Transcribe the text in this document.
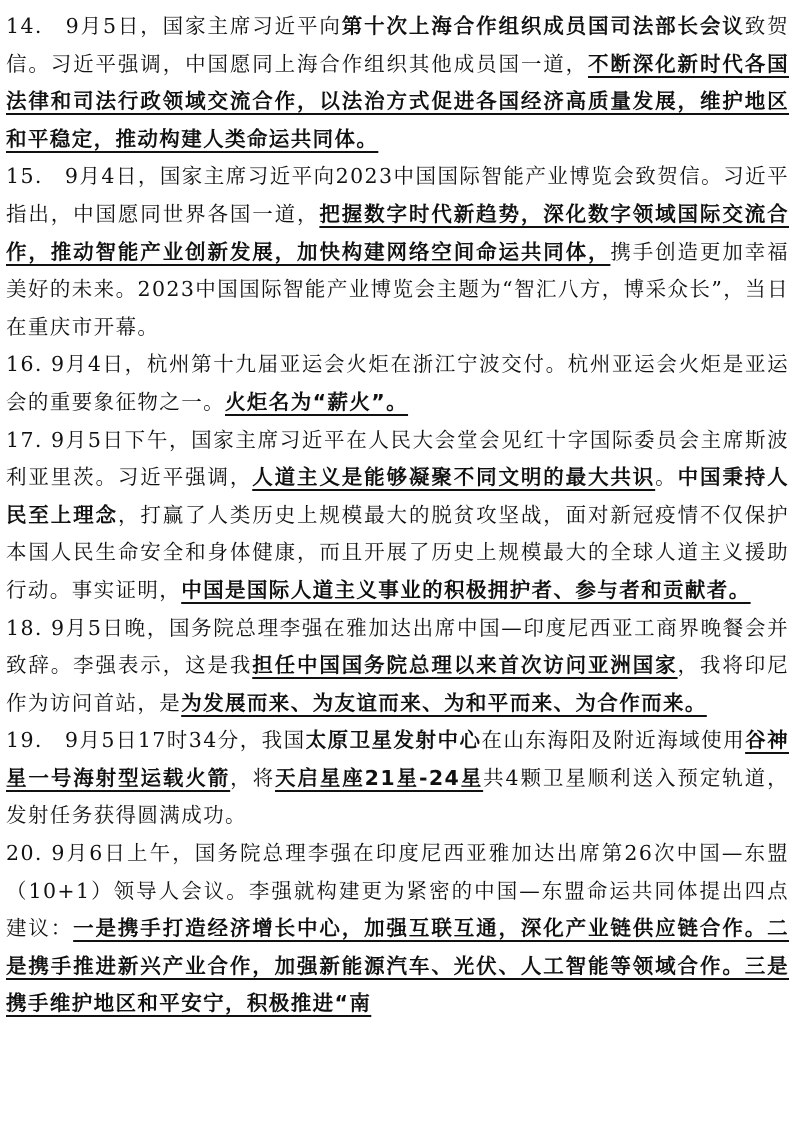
14.　9月5日，国家主席习近平向第十次上海合作组织成员国司法部长会议致贺信。习近平强调，中国愿同上海合作组织其他成员国一道，不断深化新时代各国法律和司法行政领域交流合作，以法治方式促进各国经济高质量发展，维护地区和平稳定，推动构建人类命运共同体。

15.　9月4日，国家主席习近平向2023中国国际智能产业博览会致贺信。习近平指出，中国愿同世界各国一道，把握数字时代新趋势，深化数字领域国际交流合作，推动智能产业创新发展，加快构建网络空间命运共同体，携手创造更加幸福美好的未来。2023中国国际智能产业博览会主题为“智汇八方，博采众长”，当日在重庆市开幕。

16. 9月4日，杭州第十九届亚运会火炬在浙江宁波交付。杭州亚运会火炬是亚运会的重要象征物之一。火炬名为“薪火”。

17. 9月5日下午，国家主席习近平在人民大会堂会见红十字国际委员会主席斯波利亚里茨。习近平强调，人道主义是能够凝聚不同文明的最大共识。中国秉持人民至上理念，打赢了人类历史上规模最大的脱贫攻坚战，面对新冠疫情不仅保护本国人民生命安全和身体健康，而且开展了历史上规模最大的全球人道主义援助行动。事实证明，中国是国际人道主义事业的积极拥护者、参与者和贡献者。

18. 9月5日晚，国务院总理李强在雅加达出席中国—印度尼西亚工商界晚餐会并致辞。李强表示，这是我担任中国国务院总理以来首次访问亚洲国家，我将印尼作为访问首站，是为发展而来、为友谊而来、为和平而来、为合作而来。

19.　9月5日17时34分，我国太原卫星发射中心在山东海阳及附近海域使用谷神星一号海射型运载火箭，将天启星座21星-24星共4颗卫星顺利送入预定轨道，发射任务获得圆满成功。

20. 9月6日上午，国务院总理李强在印度尼西亚雅加达出席第26次中国—东盟（10+1）领导人会议。李强就构建更为紧密的中国—东盟命运共同体提出四点建议：一是携手打造经济增长中心，加强互联互通，深化产业链供应链合作。二是携手推进新兴产业合作，加强新能源汽车、光伏、人工智能等领域合作。三是携手维护地区和平安宁，积极推进“南
